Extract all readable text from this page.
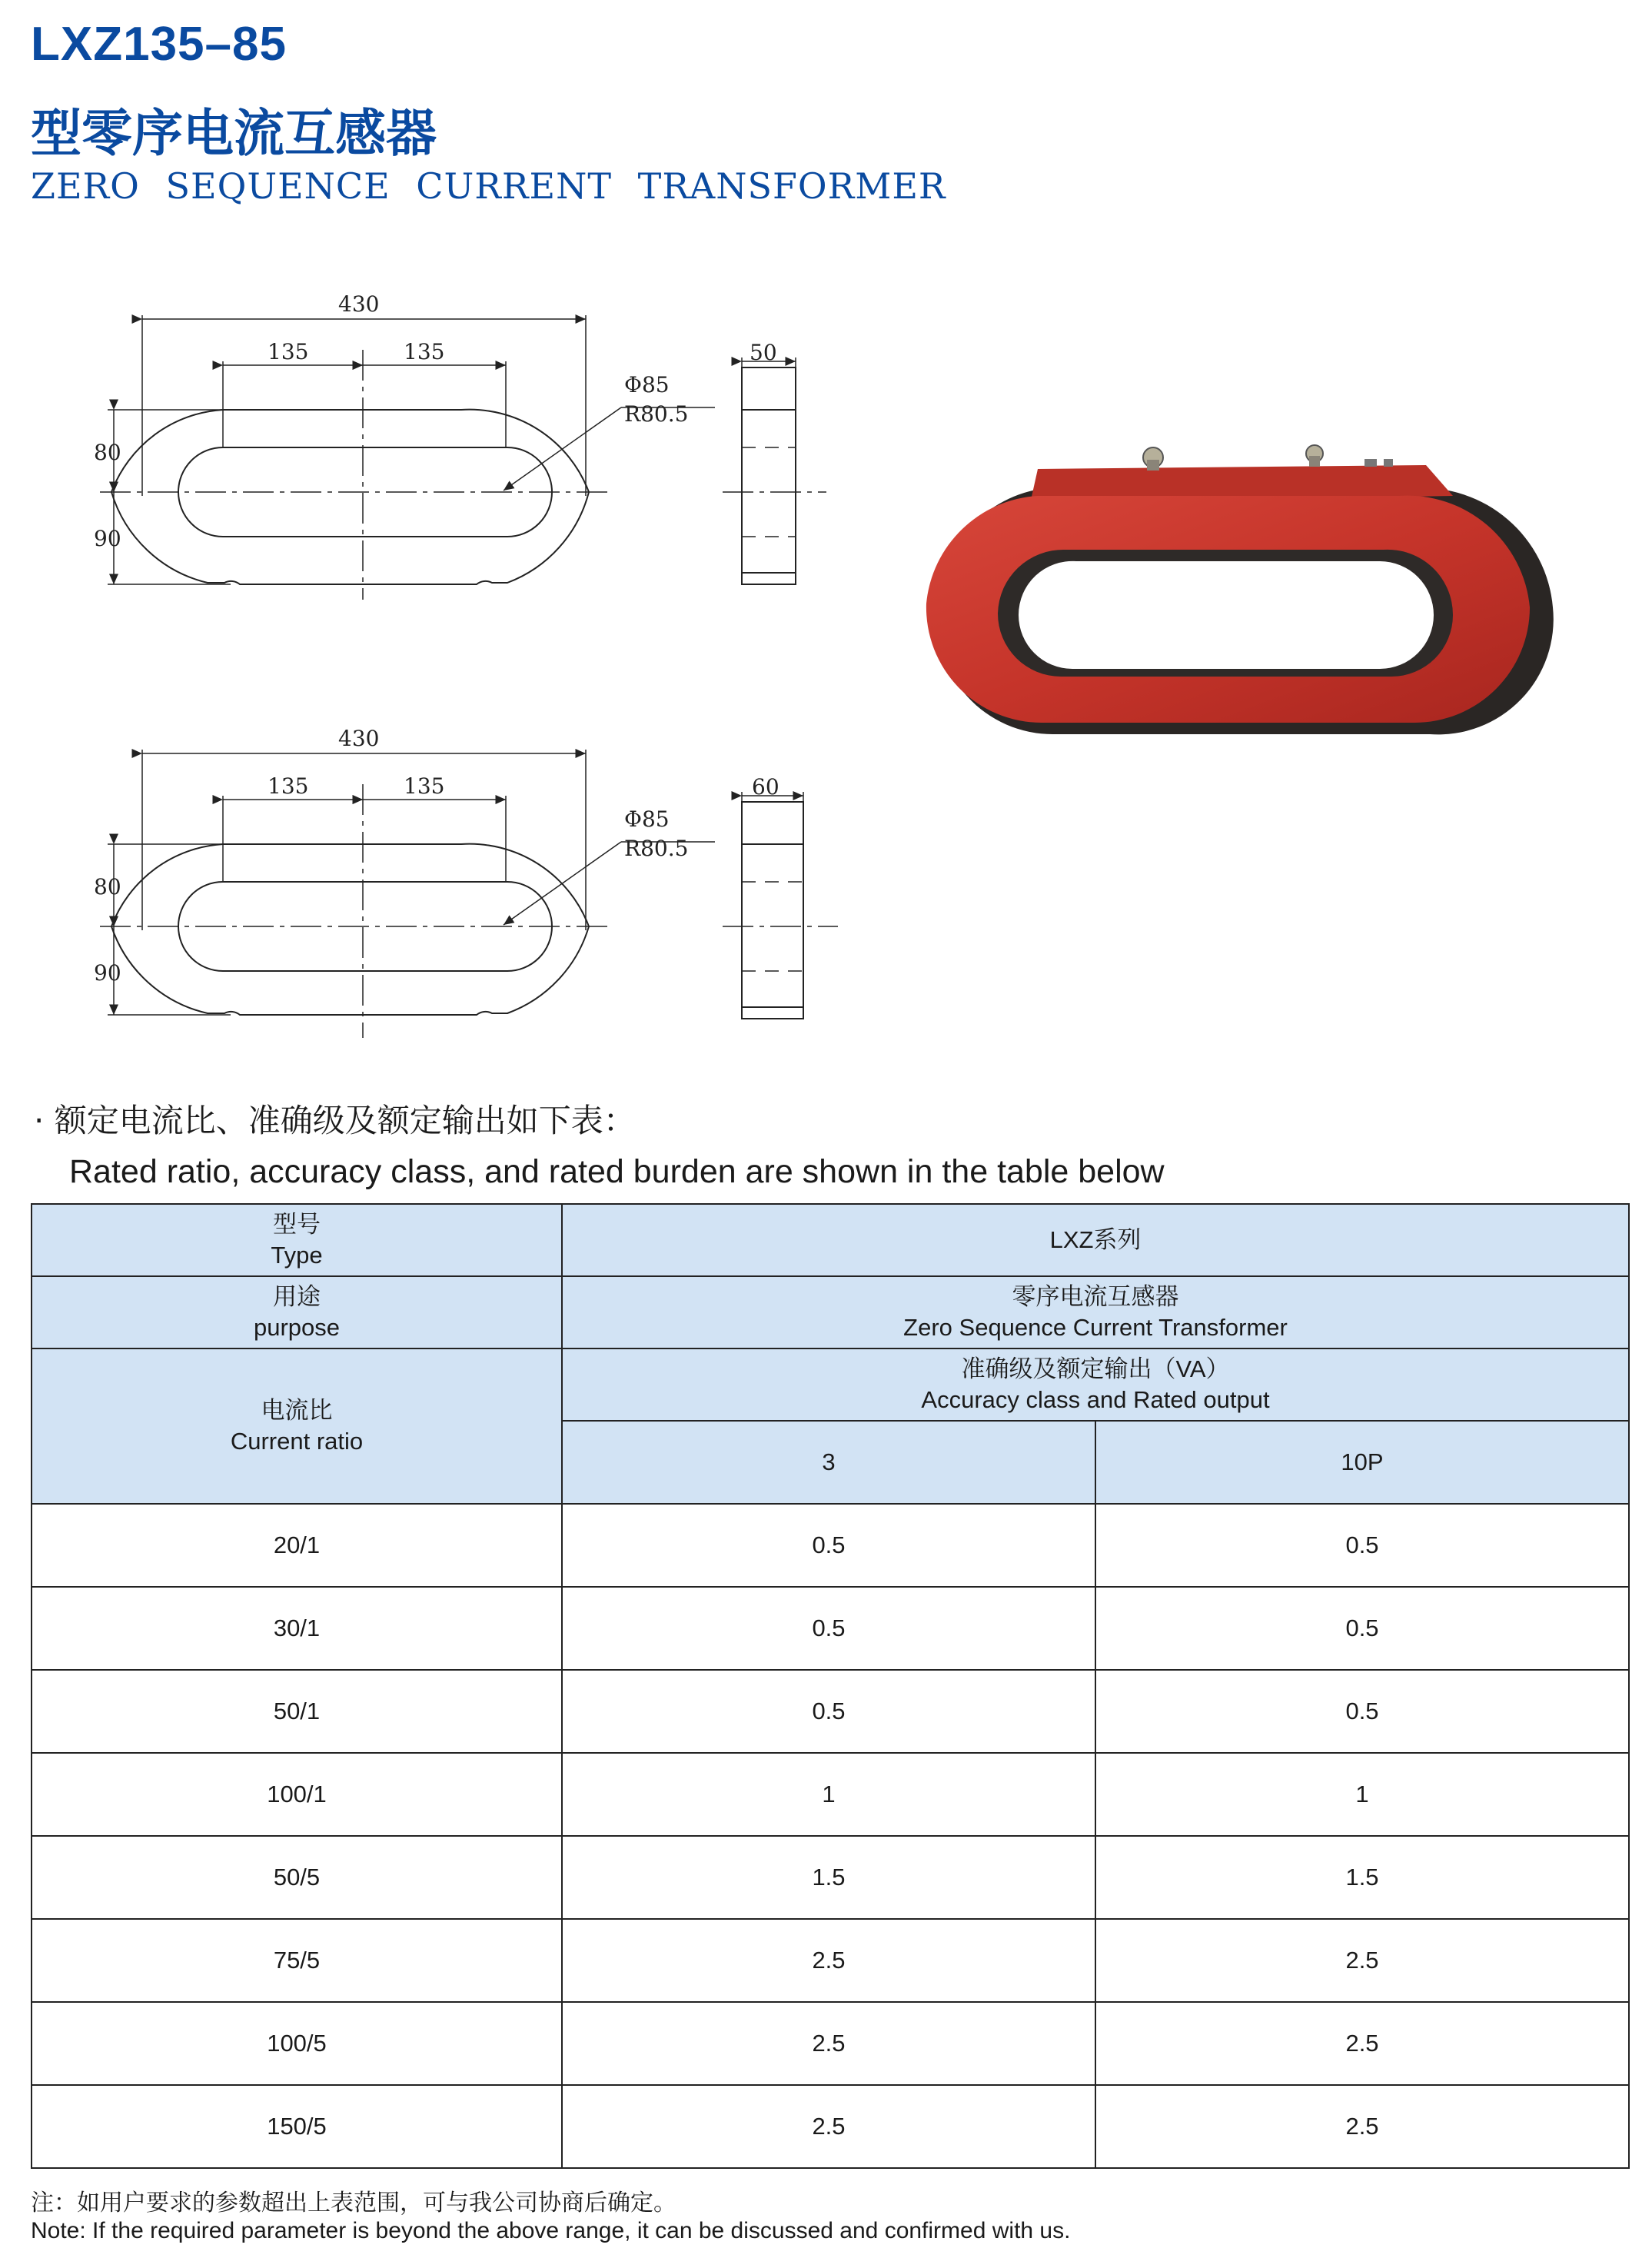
LXZ135–85
型零序电流互感器
ZERO SEQUENCE CURRENT TRANSFORMER
430
135	135
Φ85
R80.5
80
90
50
430
135	135
Φ85
R80.5
80
90
60
· 额定电流比、准确级及额定输出如下表：
Rated ratio, accuracy class, and rated burden are shown in the table below
型号
Type	LXZ系列	
用途
purpose	零序电流互感器
Zero Sequence Current Transformer	
电流比
Current ratio	准确级及额定输出（VA）
Accuracy class and Rated output	
	3	10P
20/1	0.5	0.5
30/1	0.5	0.5
50/1	0.5	0.5
100/1	1	1
50/5	1.5	1.5
75/5	2.5	2.5
100/5	2.5	2.5
150/5	2.5	2.5
注：如用户要求的参数超出上表范围，可与我公司协商后确定。
Note: If the required parameter is beyond the above range, it can be discussed and confirmed with us.
